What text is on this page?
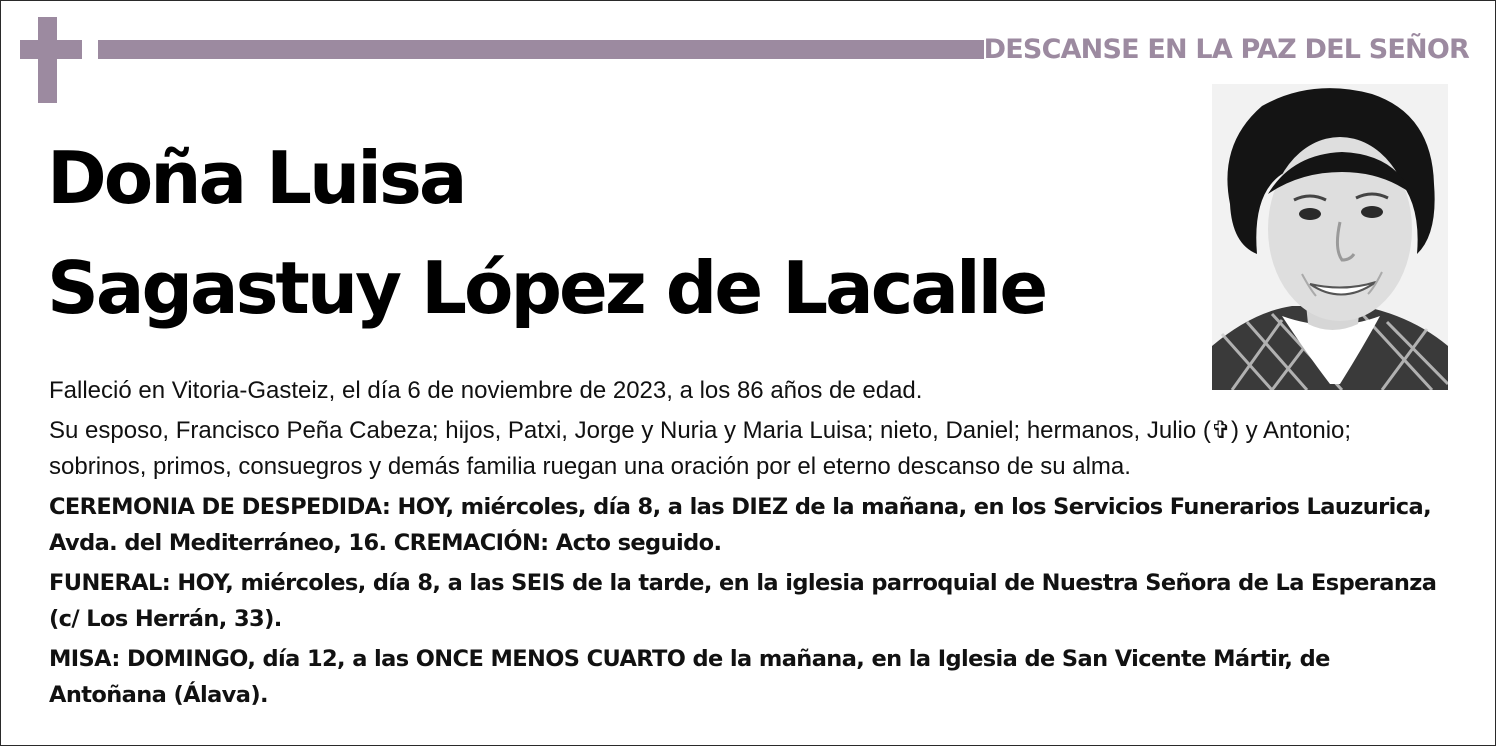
DESCANSE EN LA PAZ DEL SEÑOR
Doña Luisa
Sagastuy López de Lacalle

Falleció en Vitoria-Gasteiz, el día 6 de noviembre de 2023, a los 86 años de edad.

Su esposo, Francisco Peña Cabeza; hijos, Patxi, Jorge y Nuria y Maria Luisa; nieto, Daniel; hermanos, Julio (✞) y Antonio; sobrinos, primos, consuegros y demás familia ruegan una oración por el eterno descanso de su alma.

CEREMONIA DE DESPEDIDA: HOY, miércoles, día 8, a las DIEZ de la mañana, en los Servicios Funerarios Lauzurica, Avda. del Mediterráneo, 16. CREMACIÓN: Acto seguido.

FUNERAL: HOY, miércoles, día 8, a las SEIS de la tarde, en la iglesia parroquial de Nuestra Señora de La Esperanza (c/ Los Herrán, 33).

MISA: DOMINGO, día 12, a las ONCE MENOS CUARTO de la mañana, en la Iglesia de San Vicente Mártir, de Antoñana (Álava).
